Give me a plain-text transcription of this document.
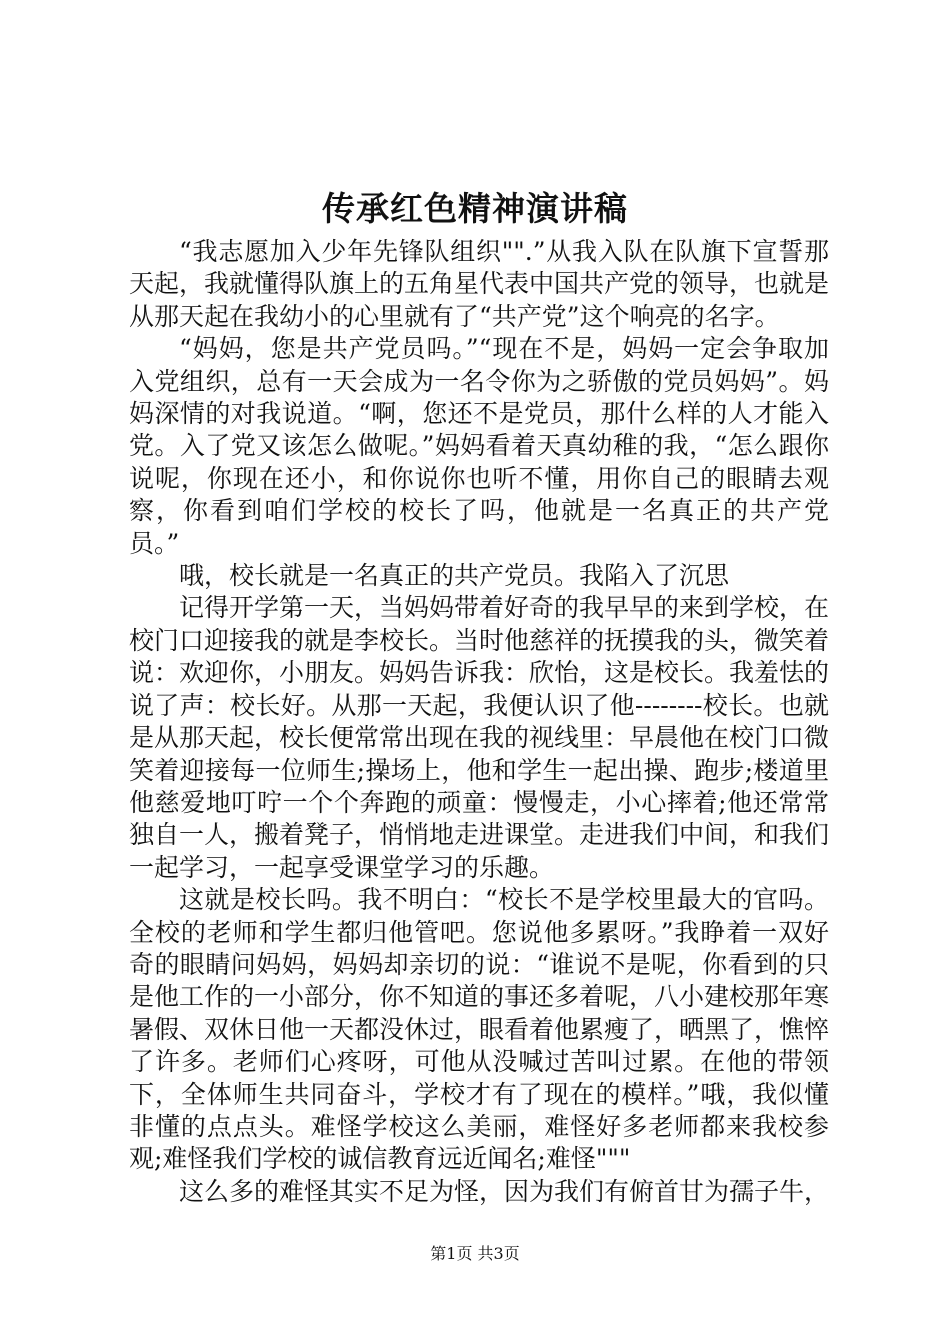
传承红色精神演讲稿

“我志愿加入少年先锋队组织"".”从我入队在队旗下宣誓那天起，我就懂得队旗上的五角星代表中国共产党的领导，也就是从那天起在我幼小的心里就有了“共产党”这个响亮的名字。

“妈妈，您是共产党员吗。”“现在不是，妈妈一定会争取加入党组织，总有一天会成为一名令你为之骄傲的党员妈妈”。妈妈深情的对我说道。“啊，您还不是党员，那什么样的人才能入党。入了党又该怎么做呢。”妈妈看着天真幼稚的我，“怎么跟你说呢，你现在还小，和你说你也听不懂，用你自己的眼睛去观察，你看到咱们学校的校长了吗，他就是一名真正的共产党员。”

哦，校长就是一名真正的共产党员。我陷入了沉思

记得开学第一天，当妈妈带着好奇的我早早的来到学校，在校门口迎接我的就是李校长。当时他慈祥的抚摸我的头，微笑着说：欢迎你，小朋友。妈妈告诉我：欣怡，这是校长。我羞怯的说了声：校长好。从那一天起，我便认识了他--------校长。也就是从那天起，校长便常常出现在我的视线里：早晨他在校门口微笑着迎接每一位师生;操场上，他和学生一起出操、跑步;楼道里他慈爱地叮咛一个个奔跑的顽童：慢慢走，小心摔着;他还常常独自一人，搬着凳子，悄悄地走进课堂。走进我们中间，和我们一起学习，一起享受课堂学习的乐趣。

这就是校长吗。我不明白：“校长不是学校里最大的官吗。全校的老师和学生都归他管吧。您说他多累呀。”我睁着一双好奇的眼睛问妈妈，妈妈却亲切的说：“谁说不是呢，你看到的只是他工作的一小部分，你不知道的事还多着呢，八小建校那年寒暑假、双休日他一天都没休过，眼看着他累瘦了，晒黑了，憔悴了许多。老师们心疼呀，可他从没喊过苦叫过累。在他的带领下，全体师生共同奋斗，学校才有了现在的模样。”哦，我似懂非懂的点点头。难怪学校这么美丽，难怪好多老师都来我校参观;难怪我们学校的诚信教育远近闻名;难怪"""

这么多的难怪其实不足为怪，因为我们有俯首甘为孺子牛，

第1页 共3页
